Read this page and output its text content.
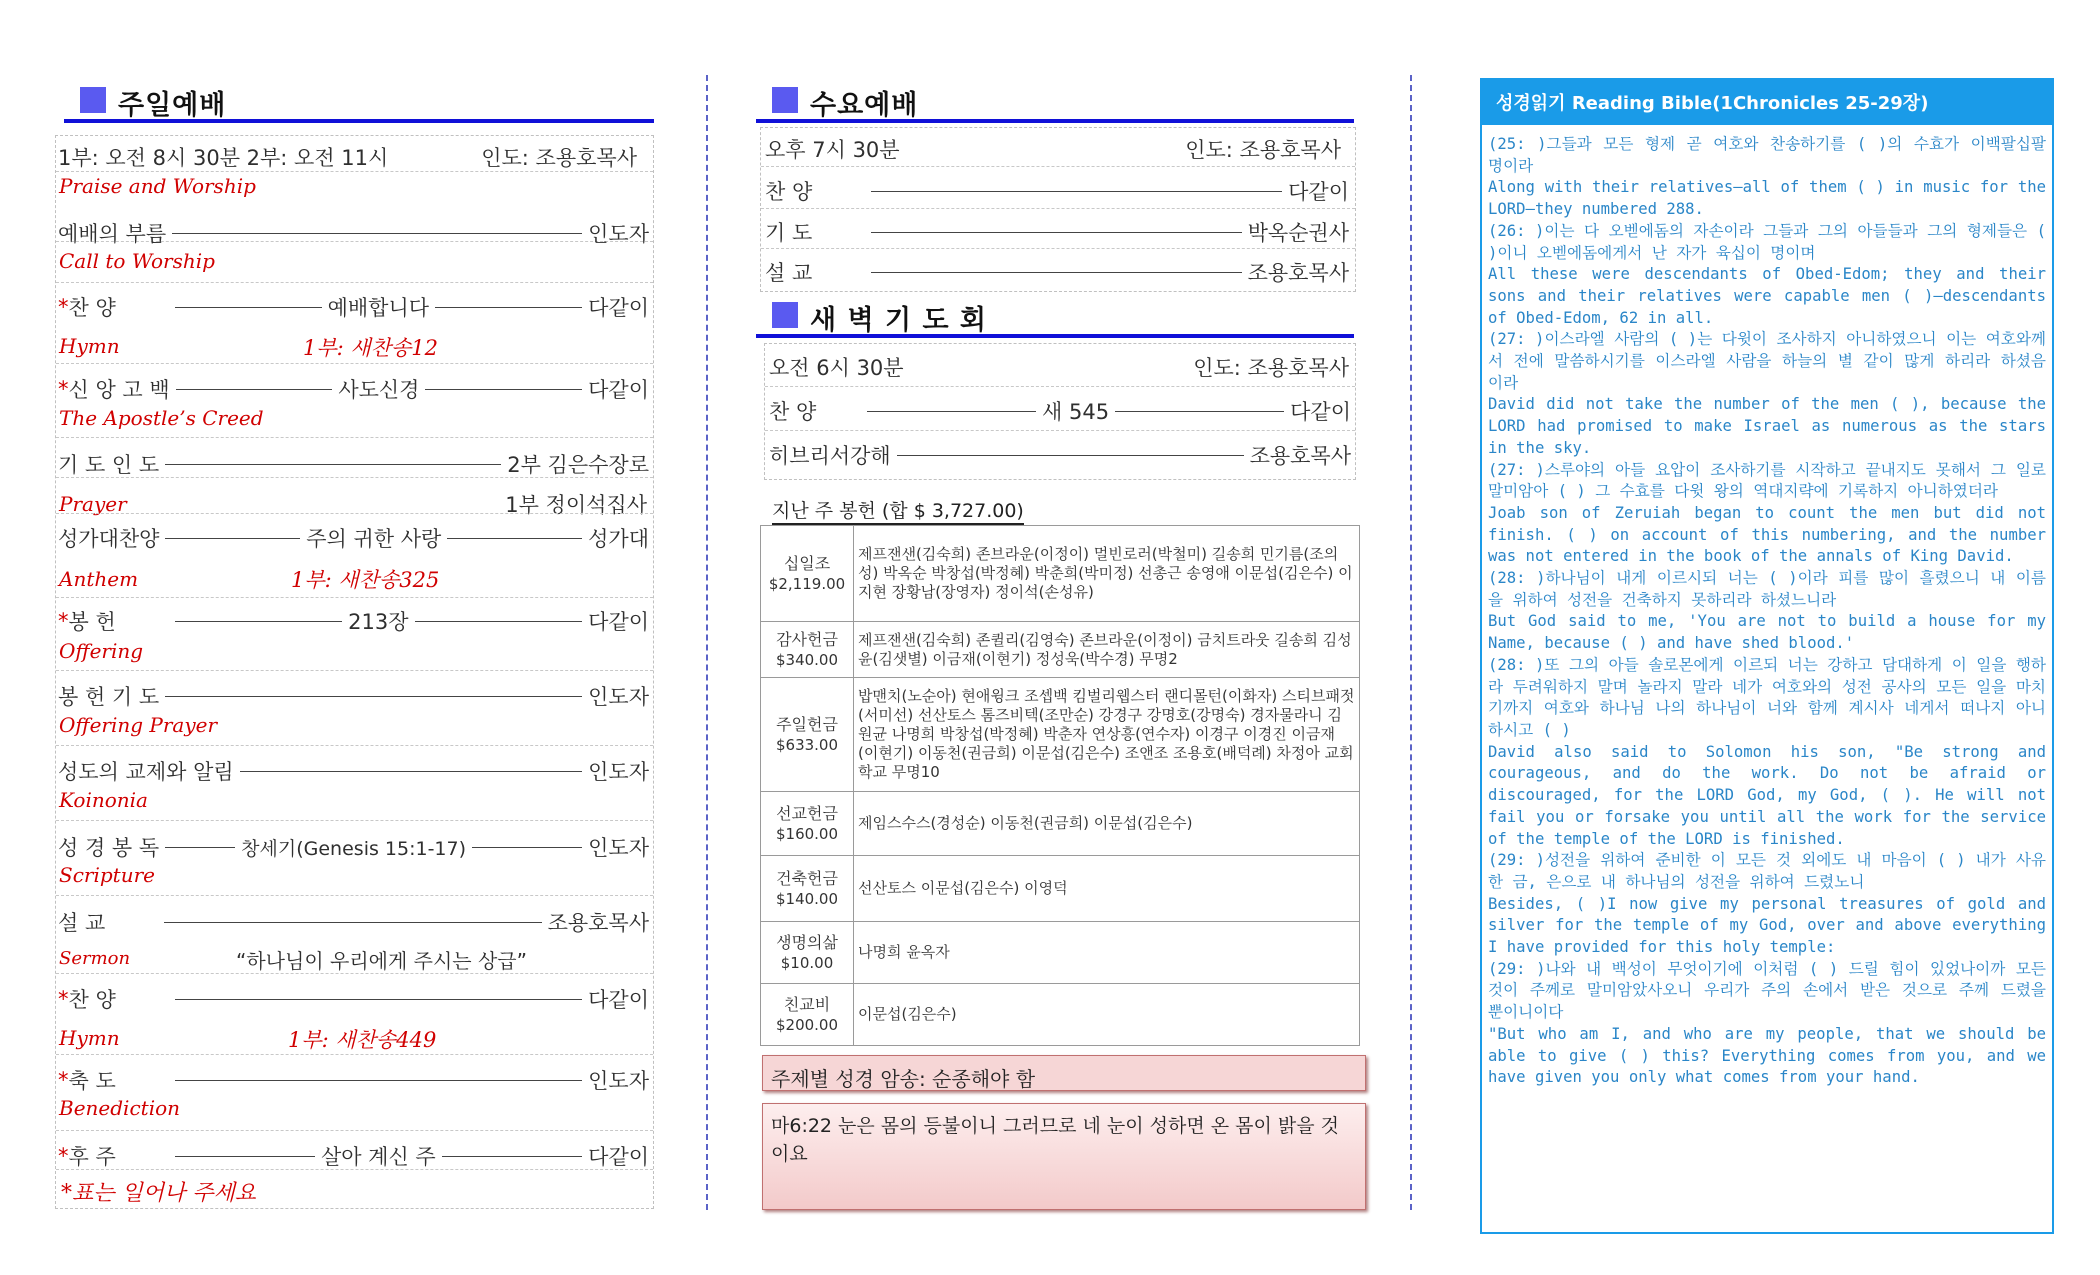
주일예배
1부: 오전 8시 30분 2부: 오전 11시	인도: 조용호목사
Praise and Worship
예배의 부름	인도자
Call to Worship
* 찬 양	예배합니다	다같이
Hymn	1부: 새찬송12
* 신 앙 고 백	사도신경	다같이
The Apostle’s Creed
기 도 인 도	2부 김은수장로
Prayer	1부 정이석집사
성가대찬양	주의 귀한 사랑	성가대
Anthem	1부: 새찬송325
* 봉 헌	213장	다같이
Offering
봉 헌 기 도	인도자
Offering Prayer
성도의 교제와 알림	인도자
Koinonia
성 경 봉 독	창세기(Genesis 15:1-17)	인도자
Scripture
설 교	조용호목사
Sermon	“하나님이 우리에게 주시는 상급”
* 찬 양	다같이
Hymn	1부: 새찬송449
* 축 도	인도자
Benediction
* 후 주	살아 계신 주	다같이
*표는 일어나 주세요
수요예배
오후 7시 30분	인도: 조용호목사
찬 양	다같이
기 도	박옥순권사
설 교	조용호목사
새 벽 기 도 회
오전 6시 30분	인도: 조용호목사
찬 양	새 545	다같이
히브리서강해	조용호목사
지난 주 봉헌 (합 $ 3,727.00)
십일조
$2,119.00	제프잰샌(김숙희) 존브라운(이정이) 멀빈로러(박철미) 길송희 민기름(조의성) 박옥순 박창섭(박정혜) 박춘희(박미정) 선총근 송영애 이문섭(김은수) 이지현 장황남(장영자) 정이석(손성유)

감사헌금
$340.00	제프잰샌(김숙희) 존퀼리(김영숙) 존브라운(이정이) 금치트라웃 길송희 김성윤(김샛별) 이금재(이현기) 정성욱(박수경) 무명2

주일헌금
$633.00	밥맨치(노순아) 현애윙크 조셉백 킴벌리웹스터 랜디몰턴(이화자) 스티브패젓(서미선) 선산토스 톰즈비텍(조만순) 강경구 강명호(강명숙) 경자물라니 김원균 나명희 박창섭(박정혜) 박춘자 연상흥(연수자) 이경구 이경진 이금재(이현기) 이동천(권금희) 이문섭(김은수) 조앤조 조용호(배덕례) 차정아 교회학교 무명10

선교헌금
$160.00	제임스수스(경성순) 이동천(권금희) 이문섭(김은수)

건축헌금
$140.00	선산토스 이문섭(김은수) 이영덕

생명의삶
$10.00	나명희 윤옥자

친교비
$200.00	이문섭(김은수)
주제별 성경 암송: 순종해야 함
마6:22 눈은 몸의 등불이니 그러므로 네 눈이 성하면 온 몸이 밝을 것이요
성경읽기 Reading Bible(1Chronicles 25-29장)

(25: )그들과 모든 형제 곧 여호와 찬송하기를 ( )의 수효가 이백팔십팔 명이라

Along with their relatives—all of them ( ) in music for the LORD—they numbered 288.

(26: )이는 다 오벧에돔의 자손이라 그들과 그의 아들들과 그의 형제들은 ( )이니 오벧에돔에게서 난 자가 육십이 명이며

All these were descendants of Obed-Edom; they and their sons and their relatives were capable men ( )—descendants of Obed-Edom, 62 in all.

(27: )이스라엘 사람의 ( )는 다윗이 조사하지 아니하였으니 이는 여호와께서 전에 말씀하시기를 이스라엘 사람을 하늘의 별 같이 많게 하리라 하셨음이라

David did not take the number of the men ( ), because the LORD had promised to make Israel as numerous as the stars in the sky.

(27: )스루야의 아들 요압이 조사하기를 시작하고 끝내지도 못해서 그 일로 말미암아 ( ) 그 수효를 다윗 왕의 역대지략에 기록하지 아니하였더라

Joab son of Zeruiah began to count the men but did not finish. ( ) on account of this numbering, and the number was not entered in the book of the annals of King David.

(28: )하나님이 내게 이르시되 너는 ( )이라 피를 많이 흘렸으니 내 이름을 위하여 성전을 건축하지 못하리라 하셨느니라

But God said to me, 'You are not to build a house for my Name, because ( ) and have shed blood.'

(28: )또 그의 아들 솔로몬에게 이르되 너는 강하고 담대하게 이 일을 행하라 두려워하지 말며 놀라지 말라 네가 여호와의 성전 공사의 모든 일을 마치기까지 여호와 하나님 나의 하나님이 너와 함께 계시사 네게서 떠나지 아니하시고 ( )

David also said to Solomon his son, "Be strong and courageous, and do the work. Do not be afraid or discouraged, for the LORD God, my God, ( ). He will not fail you or forsake you until all the work for the service of the temple of the LORD is finished.

(29: )성전을 위하여 준비한 이 모든 것 외에도 내 마음이 ( ) 내가 사유한 금, 은으로 내 하나님의 성전을 위하여 드렸노니

Besides, ( )I now give my personal treasures of gold and silver for the temple of my God, over and above everything I have provided for this holy temple:

(29: )나와 내 백성이 무엇이기에 이처럼 ( ) 드릴 힘이 있었나이까 모든 것이 주께로 말미암았사오니 우리가 주의 손에서 받은 것으로 주께 드렸을 뿐이니이다

"But who am I, and who are my people, that we should be able to give ( ) this? Everything comes from you, and we have given you only what comes from your hand.
